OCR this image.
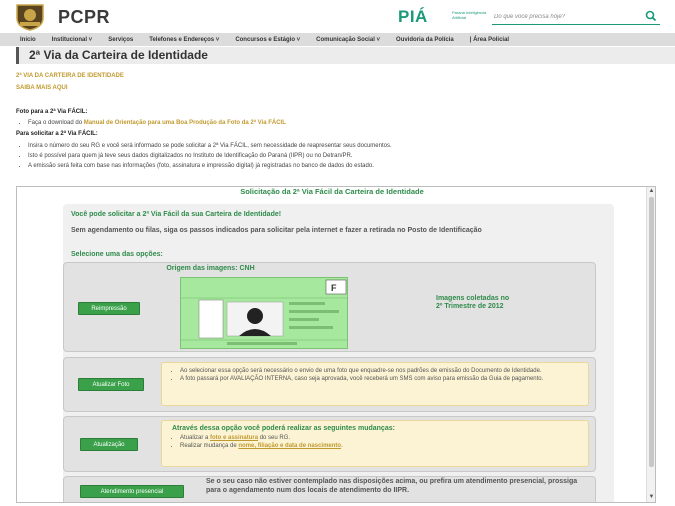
PCPR	PIÁ	Paraná Inteligência Artificial
Do que você precisa hoje?
Início	Institucional ˅	Serviços	Telefones e Endereços ˅	Concursos e Estágio ˅	Comunicação Social ˅	Ouvidoria da Polícia	| Área Policial
2ª Via da Carteira de Identidade
2ª VIA DA CARTEIRA DE IDENTIDADE
SAIBA MAIS AQUI
Foto para a 2ª Via FÁCIL:
• Faça o download do Manual de Orientação para uma Boa Produção da Foto da 2ª Via FÁCIL
Para solicitar a 2ª Via FÁCIL:
• Insira o número do seu RG e você será informado se pode solicitar a 2ª Via FÁCIL, sem necessidade de reapresentar seus documentos.
• Isto é possível para quem já teve seus dados digitalizados no Instituto de Identificação do Paraná (IIPR) ou no Detran/PR.
• A emissão será feita com base nas informações (foto, assinatura e impressão digital) já registradas no banco de dados do estado.
Solicitação da 2ª Via Fácil da Carteira de Identidade
Você pode solicitar a 2ª Via Fácil da sua Carteira de Identidade!
Sem agendamento ou filas, siga os passos indicados para solicitar pela internet e fazer a retirada no Posto de Identificação
Selecione uma das opções:
Origem das imagens: CNH
Reimpressão
F
Imagens coletadas no
2º Trimestre de 2012
Atualizar Foto
• Ao selecionar essa opção será necessário o envio de uma foto que enquadre-se nos padrões de emissão do Documento de Identidade.
• A foto passará por AVALIAÇÃO INTERNA, caso seja aprovada, você receberá um SMS com aviso para emissão da Guia de pagamento.
Atualização
Através dessa opção você poderá realizar as seguintes mudanças:
• Atualizar a foto e assinatura do seu RG.
• Realizar mudança de nome, filiação e data de nascimento.
Atendimento presencial
Se o seu caso não estiver contemplado nas disposições acima, ou prefira um atendimento presencial, prossiga para o agendamento num dos locais de atendimento do IIPR.
▲
▼
